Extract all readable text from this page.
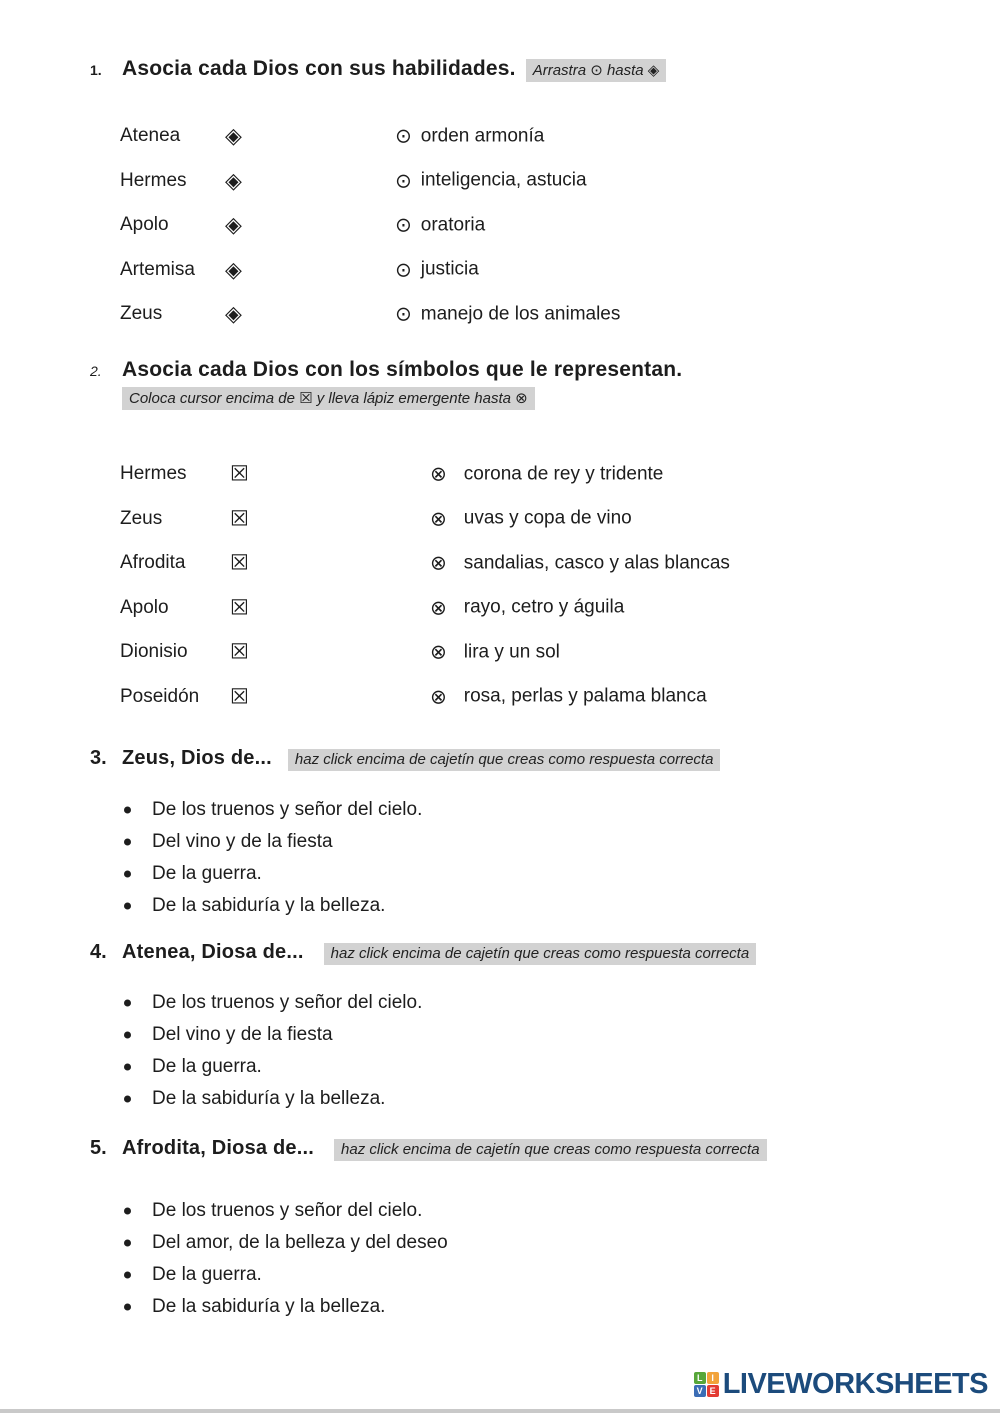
1. Asocia cada Dios con sus habilidades.	Arrastra ⊙ hasta ◈
Atenea ◈	⊙ orden armonía
Hermes ◈	⊙ inteligencia, astucia
Apolo	◈	⊙ oratoria
Artemisa ◈	⊙ justicia
Zeus	◈	⊙ manejo de los animales
2. Asocia cada Dios con los símbolos que le representan.
Coloca cursor encima de ☒ y lleva lápiz emergente hasta ⊗
Hermes ☒	⊗ corona de rey y tridente
Zeus	☒	⊗ uvas y copa de vino
Afrodita ☒	⊗ sandalias, casco y alas blancas
Apolo	☒	⊗ rayo, cetro y águila
Dionisio ☒	⊗ lira y un sol
Poseidón ☒	⊗ rosa, perlas y palama blanca
3. Zeus, Dios de...	haz click encima de cajetín que creas como respuesta correcta
De los truenos y señor del cielo.
Del vino y de la fiesta
De la guerra.
De la sabiduría y la belleza.
4. Atenea, Diosa de...	haz click encima de cajetín que creas como respuesta correcta
De los truenos y señor del cielo.
Del vino y de la fiesta
De la guerra.
De la sabiduría y la belleza.
5. Afrodita, Diosa de...	haz click encima de cajetín que creas como respuesta correcta
De los truenos y señor del cielo.
Del amor, de la belleza y del deseo
De la guerra.
De la sabiduría y la belleza.
L I
V E LIVEWORKSHEETS
